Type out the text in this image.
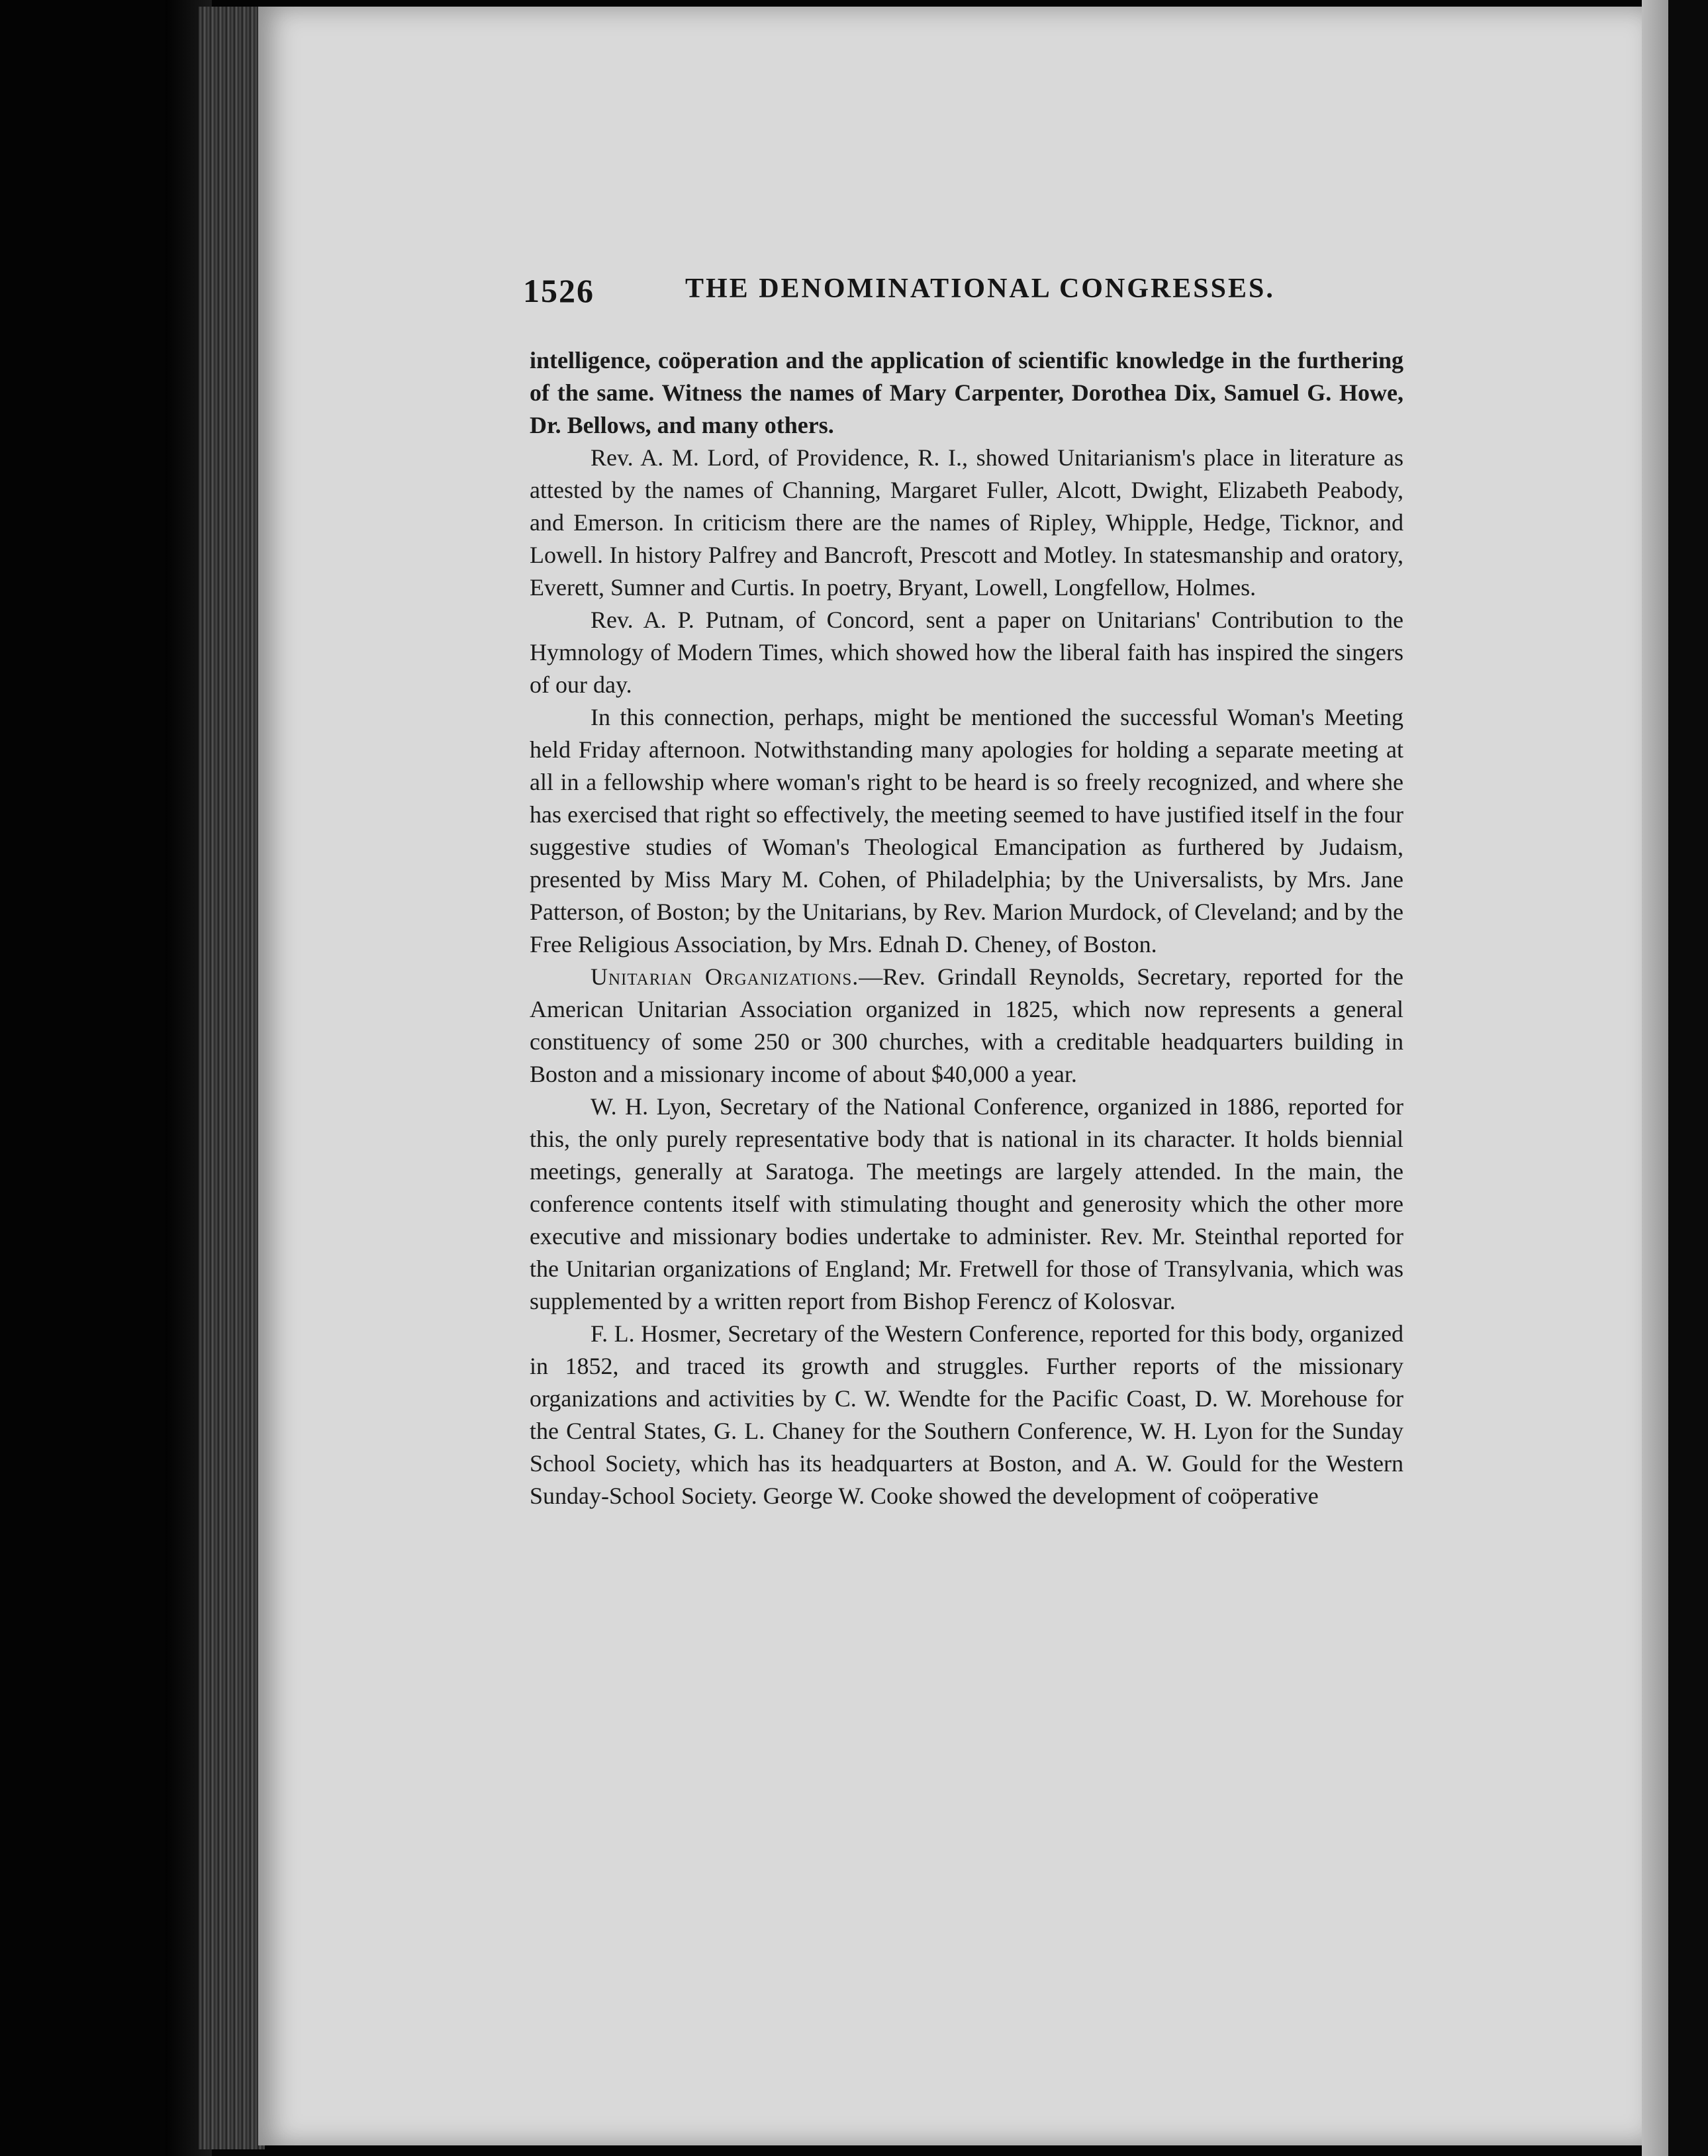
1526	THE DENOMINATIONAL CONGRESSES.

intelligence, coöperation and the application of scientific knowledge in the furthering of the same. Witness the names of Mary Carpenter, Dorothea Dix, Samuel G. Howe, Dr. Bellows, and many others.

Rev. A. M. Lord, of Providence, R. I., showed Unitarianism's place in literature as attested by the names of Channing, Margaret Fuller, Alcott, Dwight, Elizabeth Peabody, and Emerson. In criticism there are the names of Ripley, Whipple, Hedge, Ticknor, and Lowell. In history Palfrey and Bancroft, Prescott and Motley. In statesmanship and oratory, Everett, Sumner and Curtis. In poetry, Bryant, Lowell, Longfellow, Holmes.

Rev. A. P. Putnam, of Concord, sent a paper on Unitarians' Contribution to the Hymnology of Modern Times, which showed how the liberal faith has inspired the singers of our day.

In this connection, perhaps, might be mentioned the successful Woman's Meeting held Friday afternoon. Notwithstanding many apologies for holding a separate meeting at all in a fellowship where woman's right to be heard is so freely recognized, and where she has exercised that right so effectively, the meeting seemed to have justified itself in the four suggestive studies of Woman's Theological Emancipation as furthered by Judaism, presented by Miss Mary M. Cohen, of Philadelphia; by the Universalists, by Mrs. Jane Patterson, of Boston; by the Unitarians, by Rev. Marion Murdock, of Cleveland; and by the Free Religious Association, by Mrs. Ednah D. Cheney, of Boston.

Unitarian Organizations.—Rev. Grindall Reynolds, Secretary, reported for the American Unitarian Association organized in 1825, which now represents a general constituency of some 250 or 300 churches, with a creditable headquarters building in Boston and a missionary income of about $40,000 a year.

W. H. Lyon, Secretary of the National Conference, organized in 1886, reported for this, the only purely representative body that is national in its character. It holds biennial meetings, generally at Saratoga. The meetings are largely attended. In the main, the conference contents itself with stimulating thought and generosity which the other more executive and missionary bodies undertake to administer. Rev. Mr. Steinthal reported for the Unitarian organizations of England; Mr. Fretwell for those of Transylvania, which was supplemented by a written report from Bishop Ferencz of Kolosvar.

F. L. Hosmer, Secretary of the Western Conference, reported for this body, organized in 1852, and traced its growth and struggles. Further reports of the missionary organizations and activities by C. W. Wendte for the Pacific Coast, D. W. Morehouse for the Central States, G. L. Chaney for the Southern Conference, W. H. Lyon for the Sunday School Society, which has its headquarters at Boston, and A. W. Gould for the Western Sunday-School Society. George W. Cooke showed the development of coöperative
